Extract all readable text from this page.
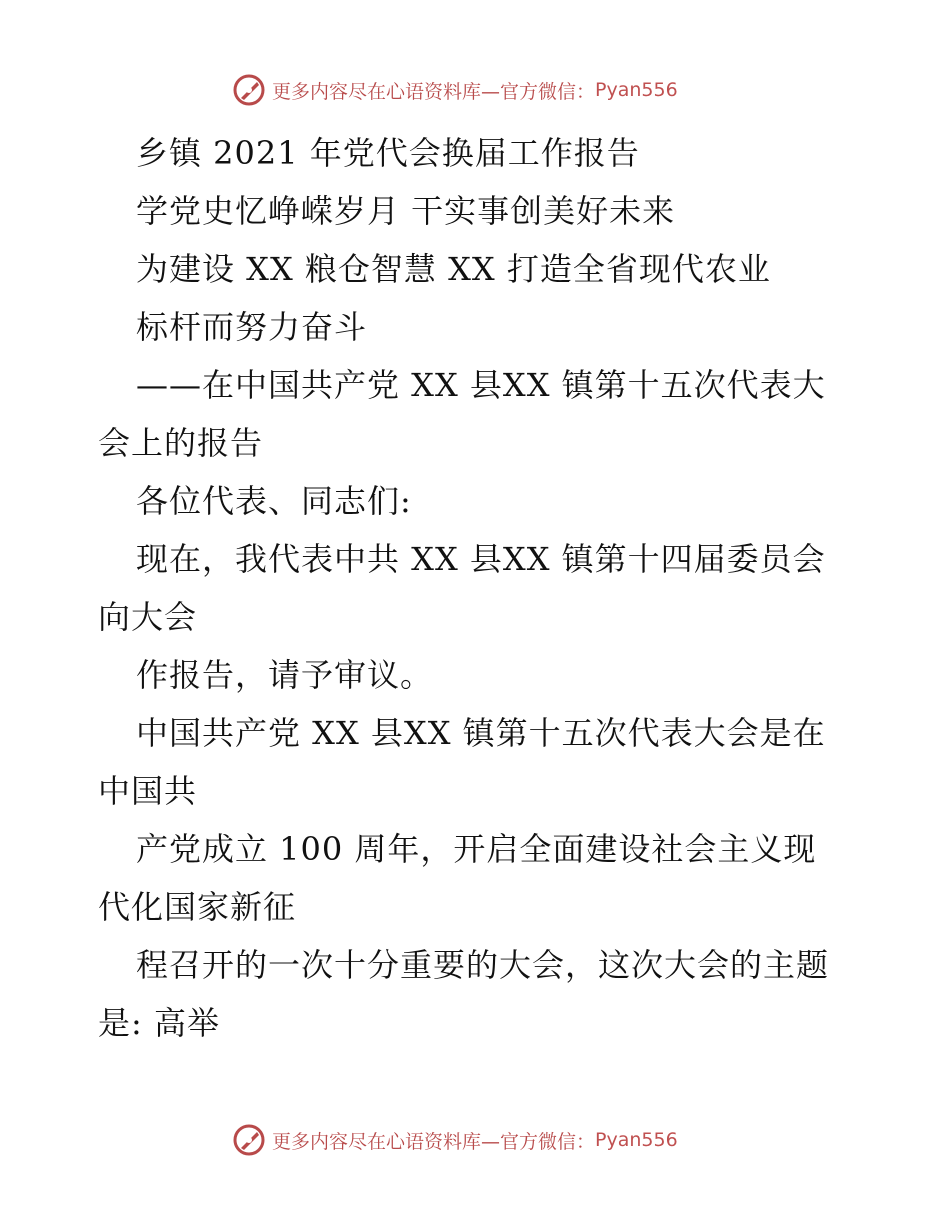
更多内容尽在心语资料库—官方微信： Pyan556
乡镇 2021 年党代会换届工作报告
学党史忆峥嵘岁月 干实事创美好未来
为建设 XX 粮仓智慧 XX 打造全省现代农业
标杆而努力奋斗
——在中国共产党 XX 县XX 镇第十五次代表大
会上的报告
各位代表、同志们:
现在，我代表中共 XX 县XX 镇第十四届委员会
向大会
作报告，请予审议。
中国共产党 XX 县XX 镇第十五次代表大会是在
中国共
产党成立 100 周年，开启全面建设社会主义现
代化国家新征
程召开的一次十分重要的大会，这次大会的主题
是: 高举
更多内容尽在心语资料库—官方微信： Pyan556
